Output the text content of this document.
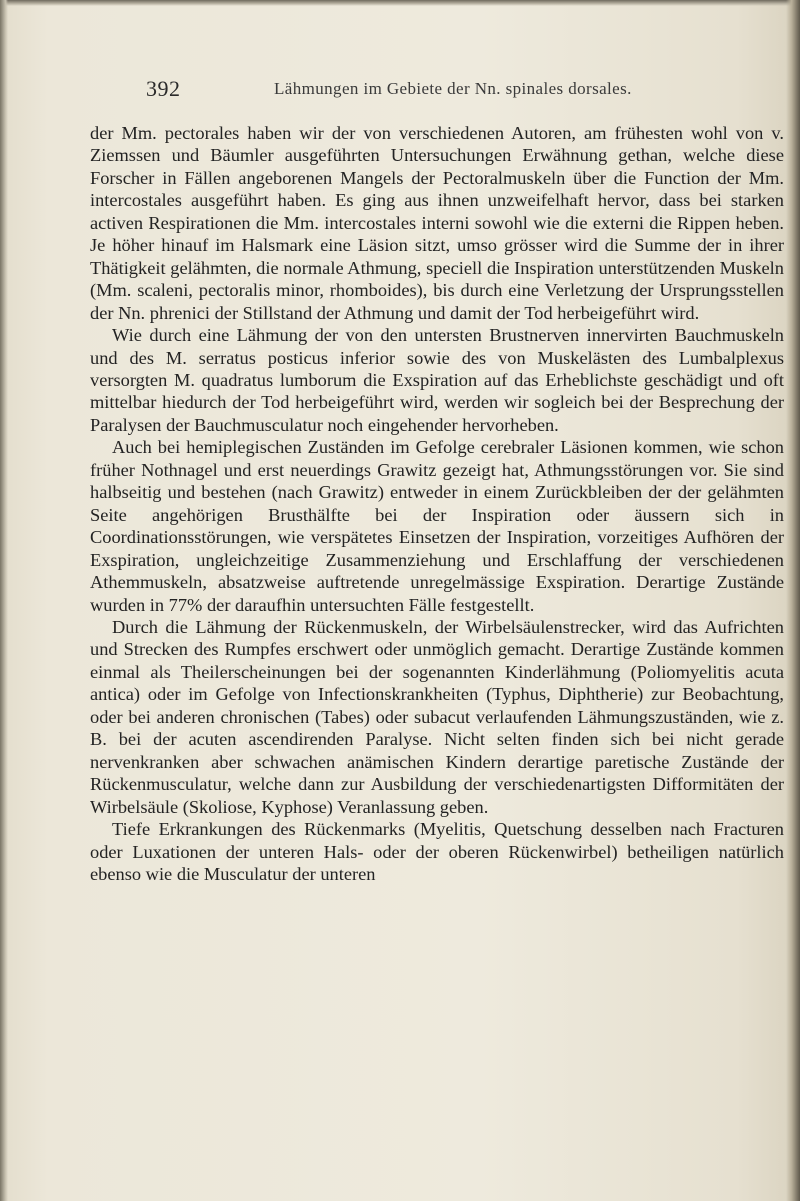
392	Lähmungen im Gebiete der Nn. spinales dorsales.

der Mm. pectorales haben wir der von verschiedenen Autoren, am frühesten wohl von v. Ziemssen und Bäumler ausgeführten Untersuchungen Erwähnung gethan, welche diese Forscher in Fällen angeborenen Mangels der Pectoralmuskeln über die Function der Mm. intercostales ausgeführt haben. Es ging aus ihnen unzweifelhaft hervor, dass bei starken activen Respirationen die Mm. intercostales interni sowohl wie die externi die Rippen heben. Je höher hinauf im Halsmark eine Läsion sitzt, umso grösser wird die Summe der in ihrer Thätigkeit gelähmten, die normale Athmung, speciell die Inspiration unterstützenden Muskeln (Mm. scaleni, pectoralis minor, rhomboides), bis durch eine Verletzung der Ursprungsstellen der Nn. phrenici der Stillstand der Athmung und damit der Tod herbeigeführt wird.

Wie durch eine Lähmung der von den untersten Brustnerven innervirten Bauchmuskeln und des M. serratus posticus inferior sowie des von Muskelästen des Lumbalplexus versorgten M. quadratus lumborum die Exspiration auf das Erheblichste geschädigt und oft mittelbar hiedurch der Tod herbeigeführt wird, werden wir sogleich bei der Besprechung der Paralysen der Bauchmusculatur noch eingehender hervorheben.

Auch bei hemiplegischen Zuständen im Gefolge cerebraler Läsionen kommen, wie schon früher Nothnagel und erst neuerdings Grawitz gezeigt hat, Athmungsstörungen vor. Sie sind halbseitig und bestehen (nach Grawitz) entweder in einem Zurückbleiben der der gelähmten Seite angehörigen Brusthälfte bei der Inspiration oder äussern sich in Coordinationsstörungen, wie verspätetes Einsetzen der Inspiration, vorzeitiges Aufhören der Exspiration, ungleichzeitige Zusammenziehung und Erschlaffung der verschiedenen Athemmuskeln, absatzweise auftretende unregelmässige Exspiration. Derartige Zustände wurden in 77% der daraufhin untersuchten Fälle festgestellt.

Durch die Lähmung der Rückenmuskeln, der Wirbelsäulenstrecker, wird das Aufrichten und Strecken des Rumpfes erschwert oder unmöglich gemacht. Derartige Zustände kommen einmal als Theilerscheinungen bei der sogenannten Kinderlähmung (Poliomyelitis acuta antica) oder im Gefolge von Infectionskrankheiten (Typhus, Diphtherie) zur Beobachtung, oder bei anderen chronischen (Tabes) oder subacut verlaufenden Lähmungszuständen, wie z. B. bei der acuten ascendirenden Paralyse. Nicht selten finden sich bei nicht gerade nervenkranken aber schwachen anämischen Kindern derartige paretische Zustände der Rückenmusculatur, welche dann zur Ausbildung der verschiedenartigsten Difformitäten der Wirbelsäule (Skoliose, Kyphose) Veranlassung geben.

Tiefe Erkrankungen des Rückenmarks (Myelitis, Quetschung desselben nach Fracturen oder Luxationen der unteren Hals- oder der oberen Rückenwirbel) betheiligen natürlich ebenso wie die Musculatur der unteren
